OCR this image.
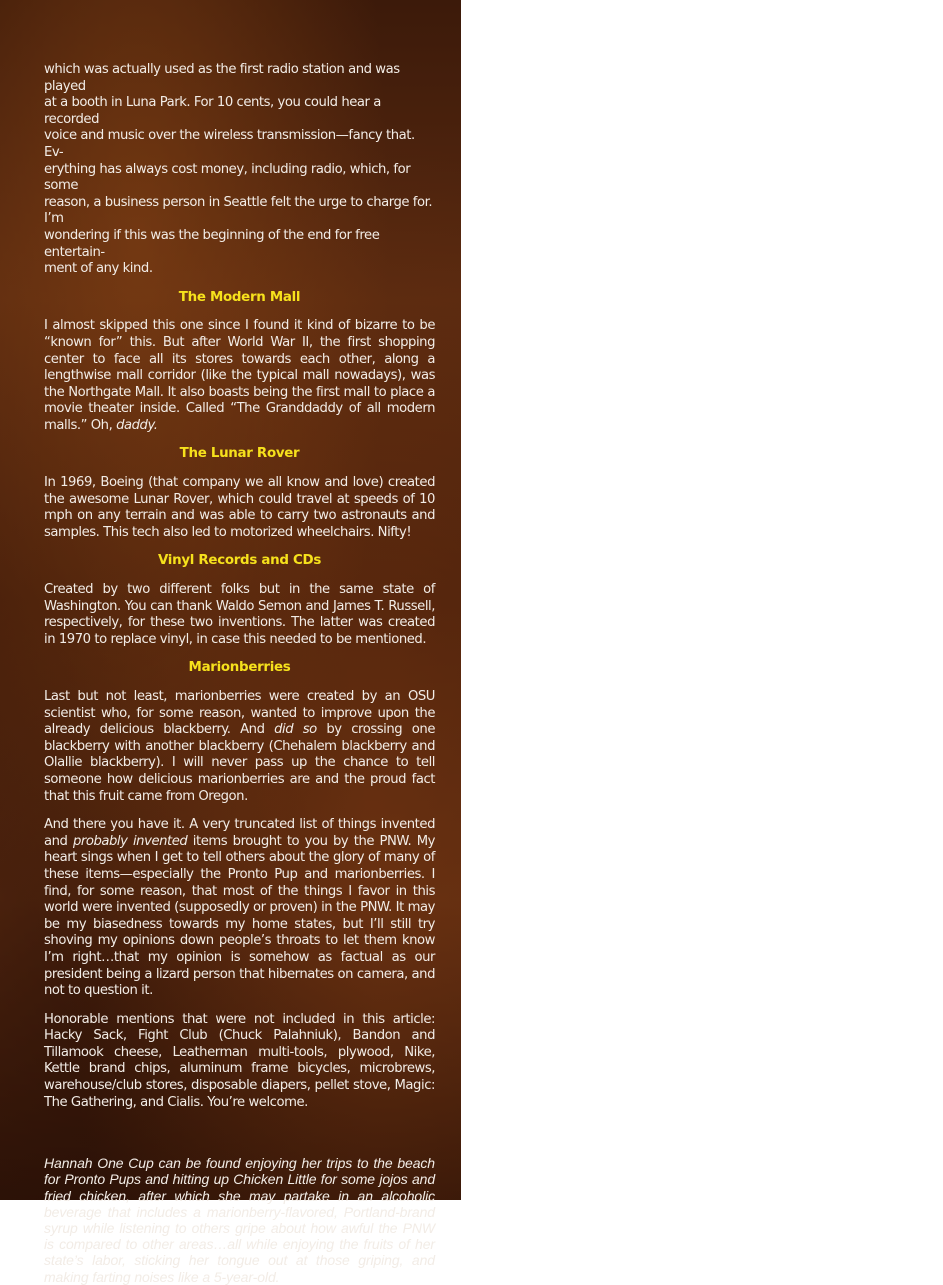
which was actually used as the first radio station and was played
at a booth in Luna Park. For 10 cents, you could hear a recorded
voice and music over the wireless transmission—fancy that. Ev-
erything has always cost money, including radio, which, for some
reason, a business person in Seattle felt the urge to charge for. I’m
wondering if this was the beginning of the end for free entertain-
ment of any kind.

The Modern Mall

I almost skipped this one since I found it kind of bizarre to be “known for” this. But after World War II, the first shopping center to face all its stores towards each other, along a lengthwise mall corridor (like the typical mall nowadays), was the Northgate Mall. It also boasts being the first mall to place a movie theater inside. Called “The Granddaddy of all modern malls.” Oh, daddy.

The Lunar Rover

In 1969, Boeing (that company we all know and love) created the awesome Lunar Rover, which could travel at speeds of 10 mph on any terrain and was able to carry two astronauts and samples. This tech also led to motorized wheelchairs. Nifty!

Vinyl Records and CDs

Created by two different folks but in the same state of Washington. You can thank Waldo Semon and James T. Russell, respectively, for these two inventions. The latter was created in 1970 to replace vinyl, in case this needed to be mentioned.

Marionberries

Last but not least, marionberries were created by an OSU scientist who, for some reason, wanted to improve upon the already delicious blackberry. And did so by crossing one blackberry with another blackberry (Chehalem blackberry and Olallie blackberry). I will never pass up the chance to tell someone how delicious marionberries are and the proud fact that this fruit came from Oregon.

And there you have it. A very truncated list of things invented and probably invented items brought to you by the PNW. My heart sings when I get to tell others about the glory of many of these items—especially the Pronto Pup and marionberries. I find, for some reason, that most of the things I favor in this world were invented (supposedly or proven) in the PNW. It may be my biasedness towards my home states, but I’ll still try shoving my opinions down people’s throats to let them know I’m right…that my opinion is somehow as factual as our president being a lizard person that hibernates on camera, and not to question it.

Honorable mentions that were not included in this article: Hacky Sack, Fight Club (Chuck Palahniuk), Bandon and Tillamook cheese, Leatherman multi-tools, plywood, Nike, Kettle brand chips, aluminum frame bicycles, microbrews, warehouse/club stores, disposable diapers, pellet stove, Magic: The Gathering, and Cialis. You’re welcome.

Hannah One Cup can be found enjoying her trips to the beach for Pronto Pups and hitting up Chicken Little for some jojos and fried chicken, after which she may partake in an alcoholic beverage that includes a marionberry-flavored, Portland-brand syrup while listening to others gripe about how awful the PNW is compared to other areas…all while enjoying the fruits of her state’s labor, sticking her tongue out at those griping, and making farting noises like a 5-year-old.
